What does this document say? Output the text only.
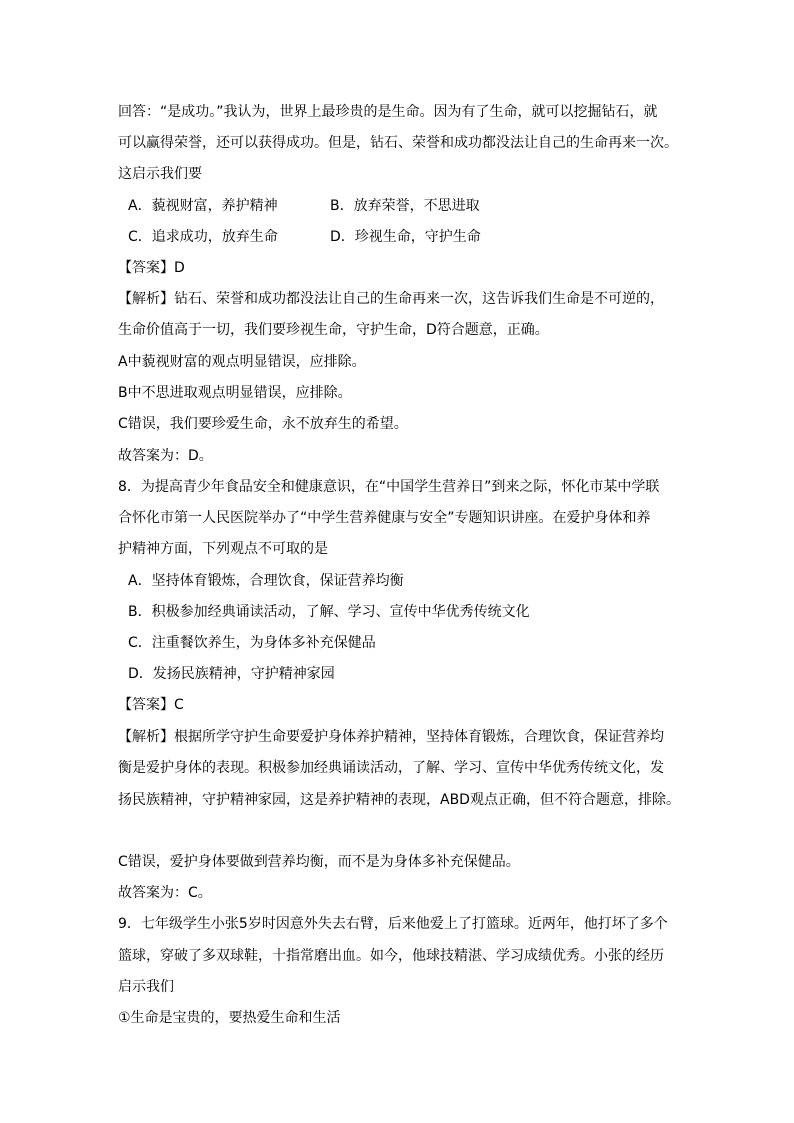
回答：“是成功。”我认为，世界上最珍贵的是生命。因为有了生命，就可以挖掘钻石，就
可以赢得荣誉，还可以获得成功。但是，钻石、荣誉和成功都没法让自己的生命再来一次。
这启示我们要
A．藐视财富，养护精神	B．放弃荣誉，不思进取
C．追求成功，放弃生命	D．珍视生命，守护生命
【答案】D
【解析】钻石、荣誉和成功都没法让自己的生命再来一次，这告诉我们生命是不可逆的，
生命价值高于一切，我们要珍视生命，守护生命，D符合题意，正确。
A中藐视财富的观点明显错误，应排除。
B中不思进取观点明显错误，应排除。
C错误，我们要珍爱生命，永不放弃生的希望。
故答案为：D。
8．为提高青少年食品安全和健康意识，在“中国学生营养日”到来之际，怀化市某中学联
合怀化市第一人民医院举办了“中学生营养健康与安全”专题知识讲座。在爱护身体和养
护精神方面，下列观点不可取的是
A．坚持体育锻炼，合理饮食，保证营养均衡
B．积极参加经典诵读活动，了解、学习、宣传中华优秀传统文化
C．注重餐饮养生，为身体多补充保健品
D．发扬民族精神，守护精神家园
【答案】C
【解析】根据所学守护生命要爱护身体养护精神，坚持体育锻炼，合理饮食，保证营养均
衡是爱护身体的表现。积极参加经典诵读活动，了解、学习、宣传中华优秀传统文化，发
扬民族精神，守护精神家园，这是养护精神的表现，ABD观点正确，但不符合题意，排除。
C错误，爱护身体要做到营养均衡，而不是为身体多补充保健品。
故答案为：C。
9．七年级学生小张5岁时因意外失去右臂，后来他爱上了打篮球。近两年，他打坏了多个
篮球，穿破了多双球鞋，十指常磨出血。如今，他球技精湛、学习成绩优秀。小张的经历
启示我们
①生命是宝贵的，要热爱生命和生活
